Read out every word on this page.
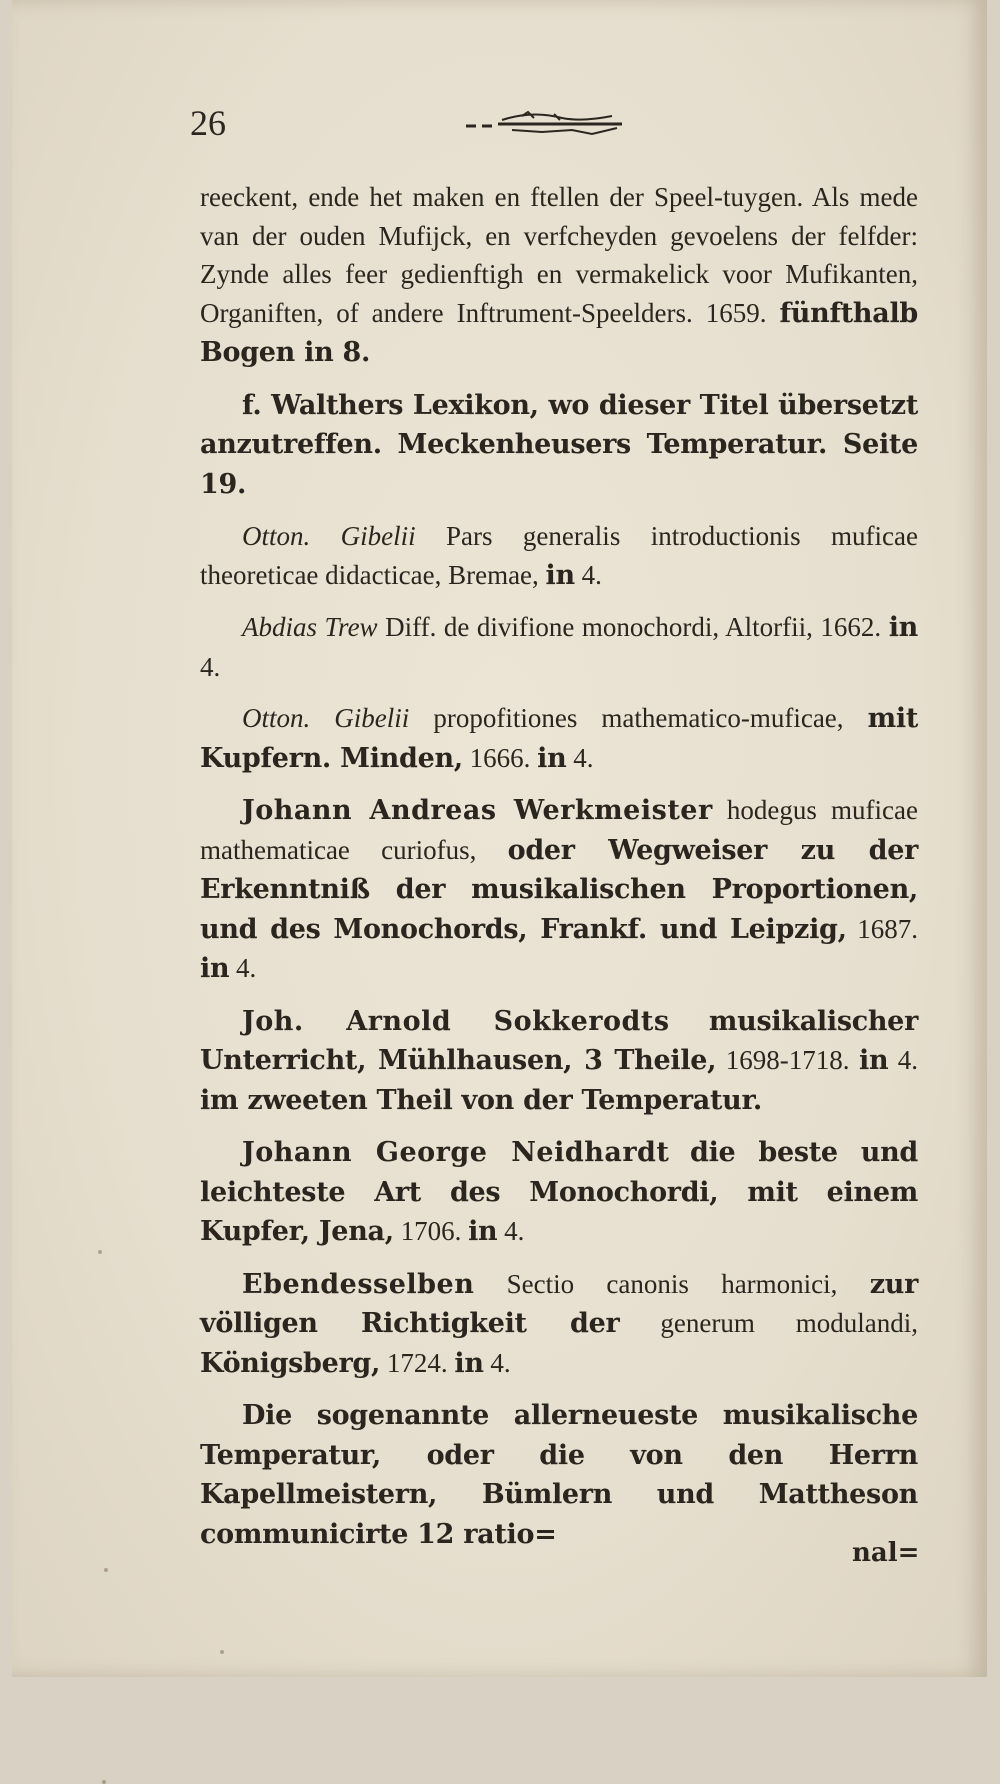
26

reeckent, ende het maken en ftellen der Speel-tuygen. Als mede van der ouden Mufijck, en verfcheyden gevoelens der felfder: Zynde alles feer gedienftigh en vermakelick voor Mufikanten, Organiften, of andere Inftrument-Speelders. 1659. fünfthalb Bogen in 8.

f. Walthers Lexikon, wo dieser Titel übersetzt anzutreffen. Meckenheusers Temperatur. Seite 19.

Otton. Gibelii Pars generalis introductionis muficae theoreticae didacticae, Bremae, in 4.

Abdias Trew Diff. de divifione monochordi, Altorfii, 1662. in 4.

Otton. Gibelii propofitiones mathematico-muficae, mit Kupfern. Minden, 1666. in 4.

Johann Andreas Werkmeister hodegus muficae mathematicae curiofus, oder Wegweiser zu der Erkenntniß der musikalischen Proportionen, und des Monochords, Frankf. und Leipzig, 1687. in 4.

Joh. Arnold Sokkerodts musikalischer Unterricht, Mühlhausen, 3 Theile, 1698-1718. in 4. im zweeten Theil von der Temperatur.

Johann George Neidhardt die beste und leichteste Art des Monochordi, mit einem Kupfer, Jena, 1706. in 4.

Ebendesselben Sectio canonis harmonici, zur völligen Richtigkeit der generum modulandi, Königsberg, 1724. in 4.

Die sogenannte allerneueste musikalische Temperatur, oder die von den Herrn Kapellmeistern, Bümlern und Mattheson communicirte 12 ratio=

nal=
